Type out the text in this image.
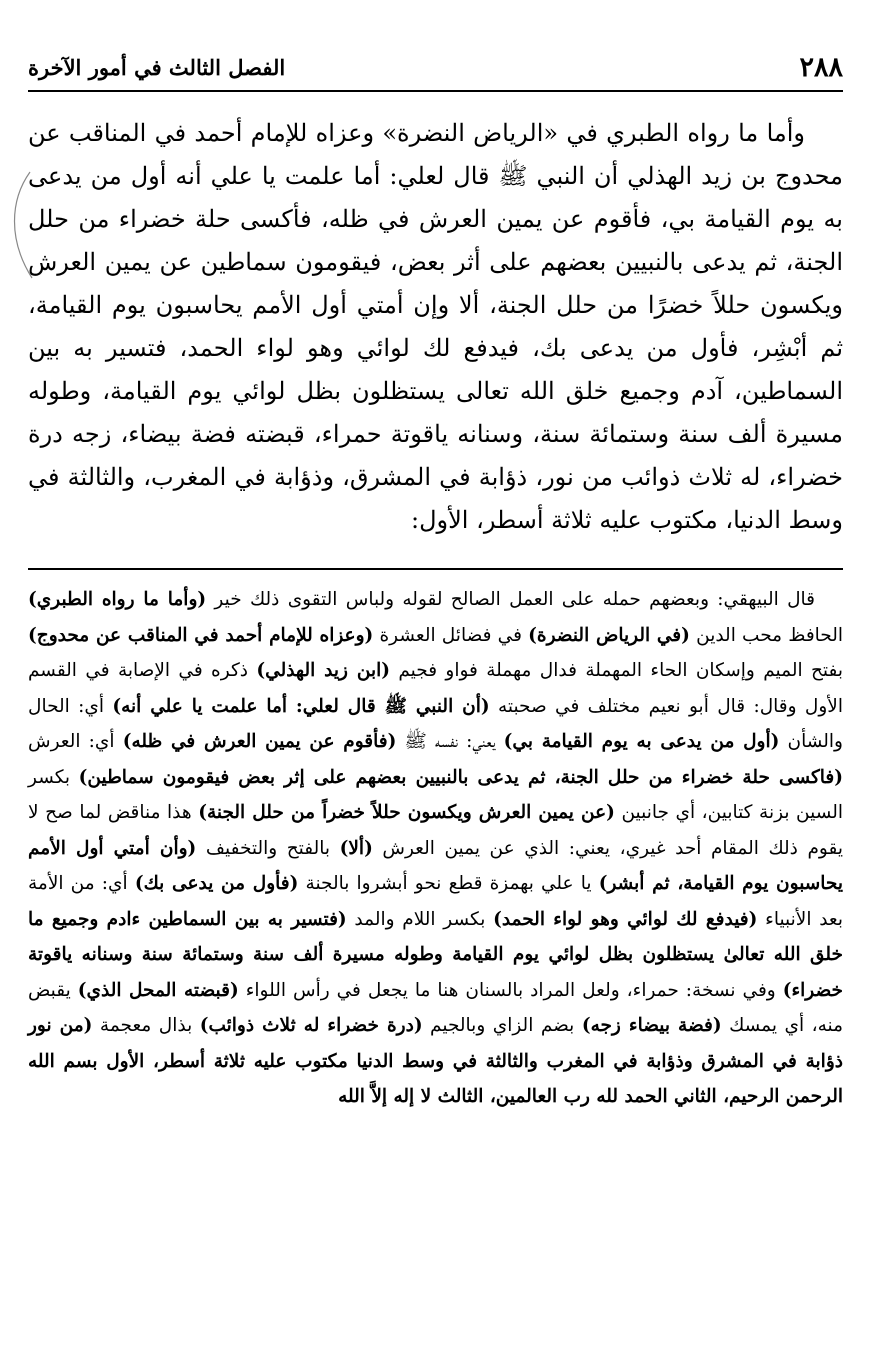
٢٨٨
الفصل الثالث في أمور الآخرة

وأما ما رواه الطبري في «الرياض النضرة» وعزاه للإمام أحمد في المناقب عن محدوج بن زيد الهذلي أن النبي ﷺ قال لعلي: أما علمت يا علي أنه أول من يدعى به يوم القيامة بي، فأقوم عن يمين العرش في ظله، فأكسى حلة خضراء من حلل الجنة، ثم يدعى بالنبيين بعضهم على أثر بعض، فيقومون سماطين عن يمين العرش ويكسون حللاً خضرًا من حلل الجنة، ألا وإن أمتي أول الأمم يحاسبون يوم القيامة، ثم أبْشِر، فأول من يدعى بك، فيدفع لك لوائي وهو لواء الحمد، فتسير به بين السماطين، آدم وجميع خلق الله تعالى يستظلون بظل لوائي يوم القيامة، وطوله مسيرة ألف سنة وستمائة سنة، وسنانه ياقوتة حمراء، قبضته فضة بيضاء، زجه درة خضراء، له ثلاث ذوائب من نور، ذؤابة في المشرق، وذؤابة في المغرب، والثالثة في وسط الدنيا، مكتوب عليه ثلاثة أسطر، الأول:

قال البيهقي: وبعضهم حمله على العمل الصالح لقوله ولباس التقوى ذلك خير (وأما ما رواه الطبري) الحافظ محب الدين (في الرياض النضرة) في فضائل العشرة (وعزاه للإمام أحمد في المناقب عن محدوج) بفتح الميم وإسكان الحاء المهملة فدال مهملة فواو فجيم (ابن زيد الهذلي) ذكره في الإصابة في القسم الأول وقال: قال أبو نعيم مختلف في صحبته (أن النبي ﷺ قال لعلي: أما علمت يا علي أنه) أي: الحال والشأن (أول من يدعى به يوم القيامة بي) يعني: نفسه ﷺ (فأقوم عن يمين العرش في ظله) أي: العرش (فاكسى حلة خضراء من حلل الجنة، ثم يدعى بالنبيين بعضهم على إثر بعض فيقومون سماطين) بكسر السين بزنة كتابين، أي جانبين (عن يمين العرش ويكسون حللاً خضراً من حلل الجنة) هذا مناقض لما صح لا يقوم ذلك المقام أحد غيري، يعني: الذي عن يمين العرش (ألا) بالفتح والتخفيف (وأن أمتي أول الأمم يحاسبون يوم القيامة، ثم أبشر) يا علي بهمزة قطع نحو أبشروا بالجنة (فأول من يدعى بك) أي: من الأمة بعد الأنبياء (فيدفع لك لوائي وهو لواء الحمد) بكسر اللام والمد (فتسير به بين السماطين ءادم وجميع ما خلق الله تعالىٰ يستظلون بظل لوائي يوم القيامة وطوله مسيرة ألف سنة وستمائة سنة وسنانه ياقوتة خضراء) وفي نسخة: حمراء، ولعل المراد بالسنان هنا ما يجعل في رأس اللواء (قبضته المحل الذي) يقبض منه، أي يمسك (فضة بيضاء زجه) بضم الزاي وبالجيم (درة خضراء له ثلاث ذوائب) بذال معجمة (من نور ذؤابة في المشرق وذؤابة في المغرب والثالثة في وسط الدنيا مكتوب عليه ثلاثة أسطر، الأول بسم الله الرحمن الرحيم، الثاني الحمد لله رب العالمين، الثالث لا إله إلاَّ الله
